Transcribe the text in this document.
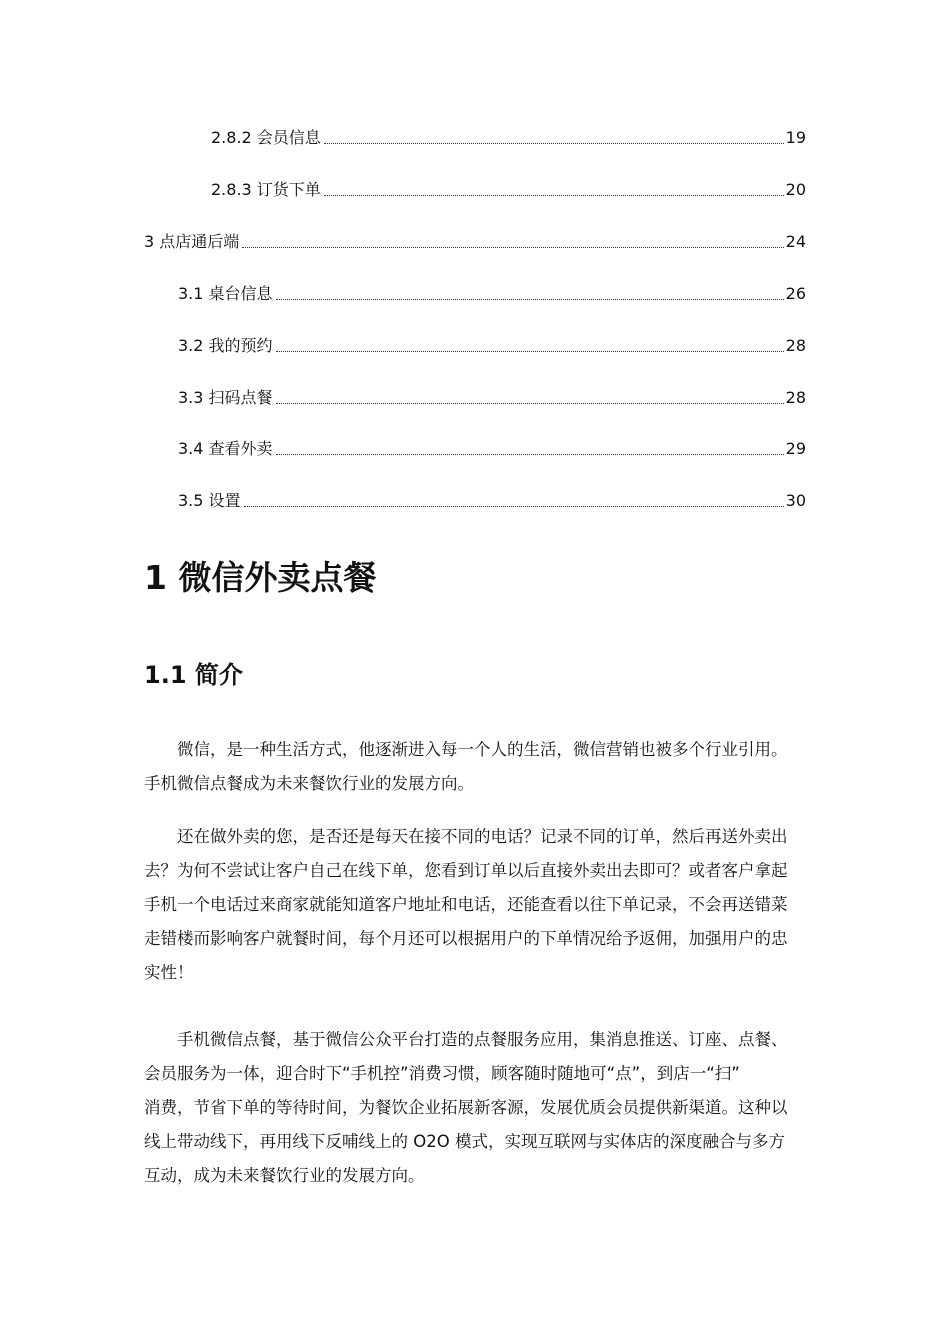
2.8.2 会员信息	19
2.8.3 订货下单	20
3 点店通后端	24
3.1 桌台信息	26
3.2 我的预约	28
3.3 扫码点餐	28
3.4 查看外卖	29
3.5 设置	30
1 微信外卖点餐
1.1 简介
微信，是一种生活方式，他逐渐进入每一个人的生活，微信营销也被多个行业引用。
手机微信点餐成为未来餐饮行业的发展方向。
还在做外卖的您，是否还是每天在接不同的电话？记录不同的订单，然后再送外卖出
去？为何不尝试让客户自己在线下单，您看到订单以后直接外卖出去即可？或者客户拿起
手机一个电话过来商家就能知道客户地址和电话，还能查看以往下单记录，不会再送错菜
走错楼而影响客户就餐时间，每个月还可以根据用户的下单情况给予返佣，加强用户的忠
实性！
手机微信点餐，基于微信公众平台打造的点餐服务应用，集消息推送、订座、点餐、
会员服务为一体，迎合时下“手机控”消费习惯，顾客随时随地可“点”，到店一“扫”
消费，节省下单的等待时间，为餐饮企业拓展新客源，发展优质会员提供新渠道。这种以
线上带动线下，再用线下反哺线上的 O2O 模式，实现互联网与实体店的深度融合与多方
互动，成为未来餐饮行业的发展方向。
